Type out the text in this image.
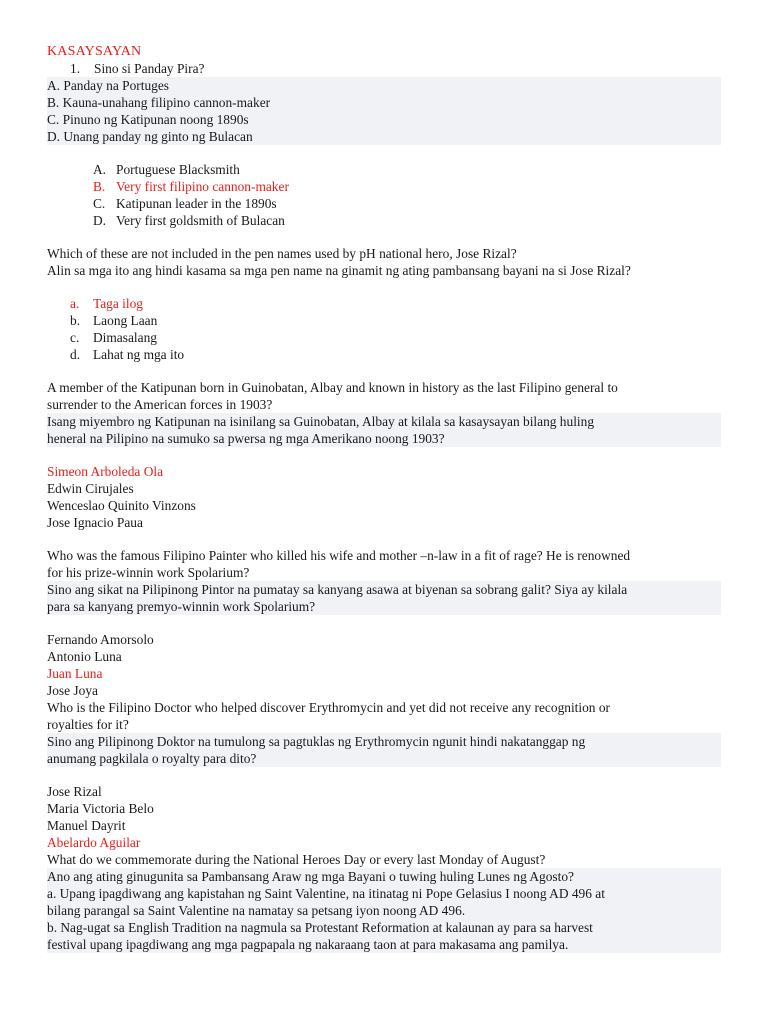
KASAYSAYAN
1. Sino si Panday Pira?
A. Panday na Portuges
B. Kauna-unahang filipino cannon-maker
C. Pinuno ng Katipunan noong 1890s
D. Unang panday ng ginto ng Bulacan
A. Portuguese Blacksmith
B. Very first filipino cannon-maker
C. Katipunan leader in the 1890s
D. Very first goldsmith of Bulacan
Which of these are not included in the pen names used by pH national hero, Jose Rizal?
Alin sa mga ito ang hindi kasama sa mga pen name na ginamit ng ating pambansang bayani na si Jose Rizal?
a. Taga ilog
b. Laong Laan
c. Dimasalang
d. Lahat ng mga ito
A member of the Katipunan born in Guinobatan, Albay and known in history as the last Filipino general to
surrender to the American forces in 1903?
Isang miyembro ng Katipunan na isinilang sa Guinobatan, Albay at kilala sa kasaysayan bilang huling
heneral na Pilipino na sumuko sa pwersa ng mga Amerikano noong 1903?
Simeon Arboleda Ola
Edwin Cirujales
Wenceslao Quinito Vinzons
Jose Ignacio Paua
Who was the famous Filipino Painter who killed his wife and mother –n-law in a fit of rage? He is renowned
for his prize-winnin work Spolarium?
Sino ang sikat na Pilipinong Pintor na pumatay sa kanyang asawa at biyenan sa sobrang galit? Siya ay kilala
para sa kanyang premyo-winnin work Spolarium?
Fernando Amorsolo
Antonio Luna
Juan Luna
Jose Joya
Who is the Filipino Doctor who helped discover Erythromycin and yet did not receive any recognition or
royalties for it?
Sino ang Pilipinong Doktor na tumulong sa pagtuklas ng Erythromycin ngunit hindi nakatanggap ng
anumang pagkilala o royalty para dito?
Jose Rizal
Maria Victoria Belo
Manuel Dayrit
Abelardo Aguilar
What do we commemorate during the National Heroes Day or every last Monday of August?
Ano ang ating ginugunita sa Pambansang Araw ng mga Bayani o tuwing huling Lunes ng Agosto?
a. Upang ipagdiwang ang kapistahan ng Saint Valentine, na itinatag ni Pope Gelasius I noong AD 496 at
bilang parangal sa Saint Valentine na namatay sa petsang iyon noong AD 496.
b. Nag-ugat sa English Tradition na nagmula sa Protestant Reformation at kalaunan ay para sa harvest
festival upang ipagdiwang ang mga pagpapala ng nakaraang taon at para makasama ang pamilya.
